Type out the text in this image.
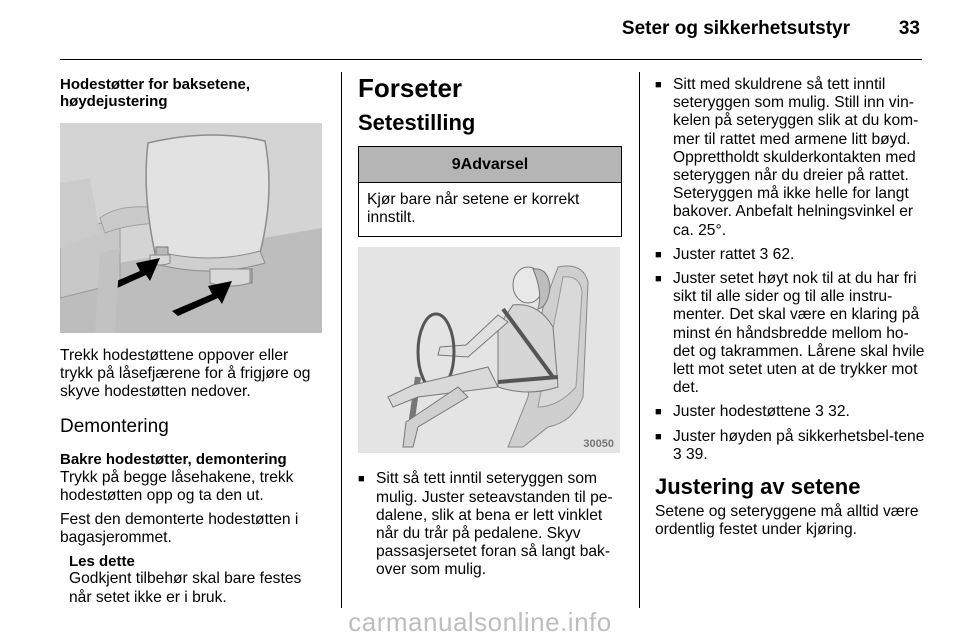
Seter og sikkerhetsutstyr	33
Hodestøtter for baksetene, høydejustering
Trekk hodestøttene oppover eller trykk på låsefjærene for å frigjøre og skyve hodestøtten nedover.
Demontering
Bakre hodestøtter, demontering
Trykk på begge låsehakene, trekk hodestøtten opp og ta den ut.
Fest den demonterte hodestøtten i bagasjerommet.
Les dette
Godkjent tilbehør skal bare festes når setet ikke er i bruk.
Forseter
Setestilling
9Advarsel
Kjør bare når setene er korrekt innstilt.
30050
■ Sitt så tett inntil seteryggen som mulig. Juster seteavstanden til pe-dalene, slik at bena er lett vinklet når du trår på pedalene. Skyv passasjersetet foran så langt bak-over som mulig.
■ Sitt med skuldrene så tett inntil seteryggen som mulig. Still inn vin-kelen på seteryggen slik at du kom-mer til rattet med armene litt bøyd. Opprettholdt skulderkontakten med seteryggen når du dreier på rattet. Seteryggen må ikke helle for langt bakover. Anbefalt helningsvinkel er ca. 25°.
■ Juster rattet 3 62.
■ Juster setet høyt nok til at du har fri sikt til alle sider og til alle instru-menter. Det skal være en klaring på minst én håndsbredde mellom ho-det og takrammen. Lårene skal hvile lett mot setet uten at de trykker mot det.
■ Juster hodestøttene 3 32.
■ Juster høyden på sikkerhetsbel-tene 3 39.
Justering av setene
Setene og seteryggene må alltid være ordentlig festet under kjøring.
carmanualsonline.info
